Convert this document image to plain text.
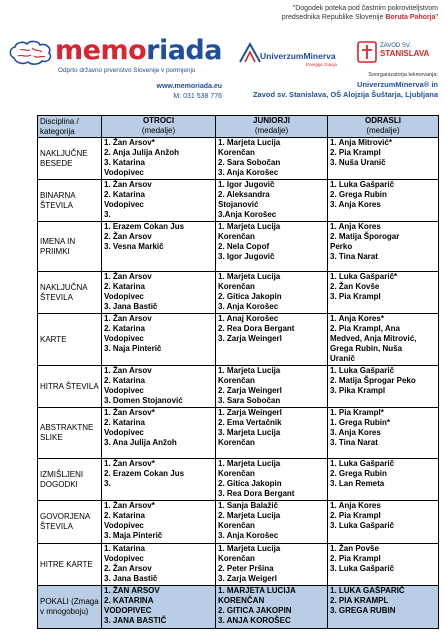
memoriada
Odprto državno prvenstvo Slovenije v pomnjenju
www.memoriada.eu
M: 031 538 776
"Dogodek poteka pod častnim pokroviteljstvom
predsednika Republike Slovenije Boruta Pahorja"
UniverzumMinerva
Energija znanja
ZAVOD SV.
STANISLAVA
Soorganizatorja tekmovanja:
UniverzumMinerva® in
Zavod sv. Stanislava, OŠ Alojzija Šuštarja, Ljubljana
Disciplina / kategorija	OTROCI
(medalje)	JUNIORJI
(medalje)	ODRASLI
(medalje)

NAKLJUČNE BESEDE	1. Žan Arsov*
2. Anja Julija Anžoh
3. Katarina
Vodopivec	1. Marjeta Lucija
Korenčan
2. Sara Sobočan
3. Anja Korošec	1. Anja Mitrović*
2. Pia Krampl
3. Nuša Uranič

BINARNA ŠTEVILA	1. Žan Arsov
2. Katarina
Vodopivec
3.	1. Igor Jugovič
2. Aleksandra
Stojanović
3.Anja Korošec	1. Luka Gašparič
2. Grega Rubin
3. Anja Kores

IMENA IN PRIIMKI	1. Erazem Cokan Jus
2. Žan Arsov
3. Vesna Markič	1. Marjeta Lucija
Korenčan
2. Nela Copof
3. Igor Jugovič	1. Anja Kores
2. Matija Šporogar
Perko
3. Tina Narat

NAKLJUČNA ŠTEVILA	1. Žan Arsov
2. Katarina
Vodopivec
3. Jana Bastič	1. Marjeta Lucija
Korenčan
2. Gitica Jakopin
3. Anja Korošec	1. Luka Gašparič*
2. Žan Kovše
3. Pia Krampl

KARTE	1. Žan Arsov
2. Katarina
Vodopivec
3. Naja Pinterič	1. Anaj Korošec
2. Rea Dora Bergant
3. Zarja Weingerl	1. Anja Kores*
2. Pia Krampl, Ana
Medved, Anja Mitrović,
Grega Rubin, Nuša
Uranič

HITRA ŠTEVILA	1. Žan Arsov
2. Katarina
Vodopivec
3. Domen Stojanović	1. Marjeta Lucija
Korenčan
2. Zarja Weingerl
3. Sara Sobočan	1. Luka Gašparič
2. Matija Šprogar Peko
3. Pika Krampl

ABSTRAKTNE SLIKE	1. Žan Arsov*
2. Katarina
Vodopivec
3. Ana Julija Anžoh	1. Zarja Weingerl
2. Ema Vertačnik
3. Marjeta Lucija
Korenčan	1. Pia Krampl*
1. Grega Rubin*
3. Anja Kores
3. Tina Narat

IZMIŠLJENI DOGODKI	1. Žan Arsov*
2. Erazem Cokan Jus
3.	1. Marjeta Lucija
Korenčan
2. Gitica Jakopin
3. Rea Dora Bergant	1. Luka Gašparič
2. Grega Rubin
3. Lan Remeta

GOVORJENA ŠTEVILA	1. Žan Arsov*
2. Katarina
Vodopivec
3. Maja Pinterič	1. Sanja Balažič
2. Marjeta Lucija
Korenčan
3. Anja Korošec	1. Anja Kores
2. Pia Krampl
3. Luka Gašparič

HITRE KARTE	1. Katarina
Vodopivec
2. Žan Arsov
3. Jana Bastič	1. Marjeta Lucija
Korenčan
2. Peter Pršina
3. Zarja Weigerl	1. Žan Povše
2. Pia Krampl
3. Luka Gašparič

POKALI (Zmaga v mnogoboju)	1. ŽAN ARSOV
2. KATARINA
VODOPIVEC
3. JANA BASTIČ	1. MARJETA LUCIJA
KORENČAN
2. GITICA JAKOPIN
3. ANJA KOROŠEC	1. LUKA GAŠPARIČ
2. PIA KRAMPL
3. GREGA RUBIN
